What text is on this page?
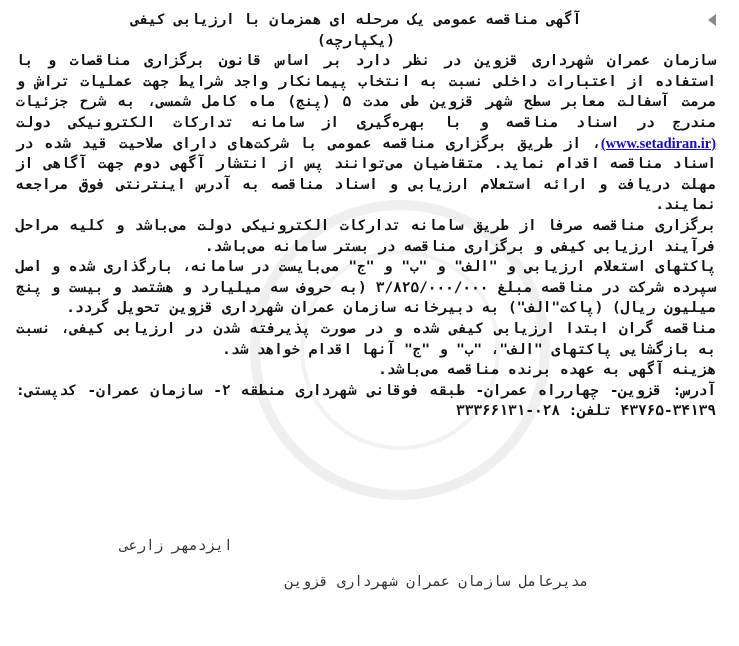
آگهی مناقصه عمومی یک مرحله ای همزمان با ارزیابی کیفی
(یکپارچه)

سازمان عمران شهرداری قزوین در نظر دارد بر اساس قانون برگزاری مناقصات و با استفاده از اعتبارات داخلی نسبت به انتخاب پیمانکار واجد شرایط جهت عملیات تراش و مرمت آسفالت معابر سطح شهر قزوین طی مدت ۵ (پنج) ماه کامل شمسی، به شرح جزئیات مندرج در اسناد مناقصه و با بهره‌گیری از سامانه تدارکات الکترونیکی دولت (www.setadiran.ir)، از طریق برگزاری مناقصه عمومی با شرکت‌های دارای صلاحیت قید شده در اسناد مناقصه اقدام نماید. متقاضیان می‌توانند پس از انتشار آگهی دوم جهت آگاهی از مهلت دریافت و ارائه استعلام ارزیابی و اسناد مناقصه به آدرس اینترنتی فوق مراجعه نمایند.

برگزاری مناقصه صرفا از طریق سامانه تدارکات الکترونیکی دولت می‌باشد و کلیه مراحل فرآیند ارزیابی کیفی و برگزاری مناقصه در بستر سامانه می‌باشد.

پاکتهای استعلام ارزیابی و "الف" و "ب" و "ج" می‌بایست در سامانه، بارگذاری شده و اصل سپرده شرکت در مناقصه مبلغ ۳/۸۲۵/۰۰۰/۰۰۰ (به حروف سه میلیارد و هشتصد و بیست و پنج میلیون ریال) (پاکت"الف") به دبیرخانه سازمان عمران شهرداری قزوین تحویل گردد.

مناقصه گران ابتدا ارزیابی کیفی شده و در صورت پذیرفته شدن در ارزیابی کیفی، نسبت به بازگشایی پاکتهای "الف"، "ب" و "ج" آنها اقدام خواهد شد.

هزینه آگهی به عهده برنده مناقصه می‌باشد.

آدرس: قزوین- چهارراه عمران- طبقه فوقانی شهرداری منطقه ۲- سازمان عمران- کدپستی: ۳۴۱۳۹-۴۳۷۶۵ تلفن: ۰۲۸-۳۳۳۶۶۱۳۱

ایزدمهر زارعی
مدیرعامل سازمان عمران شهرداری قزوین
